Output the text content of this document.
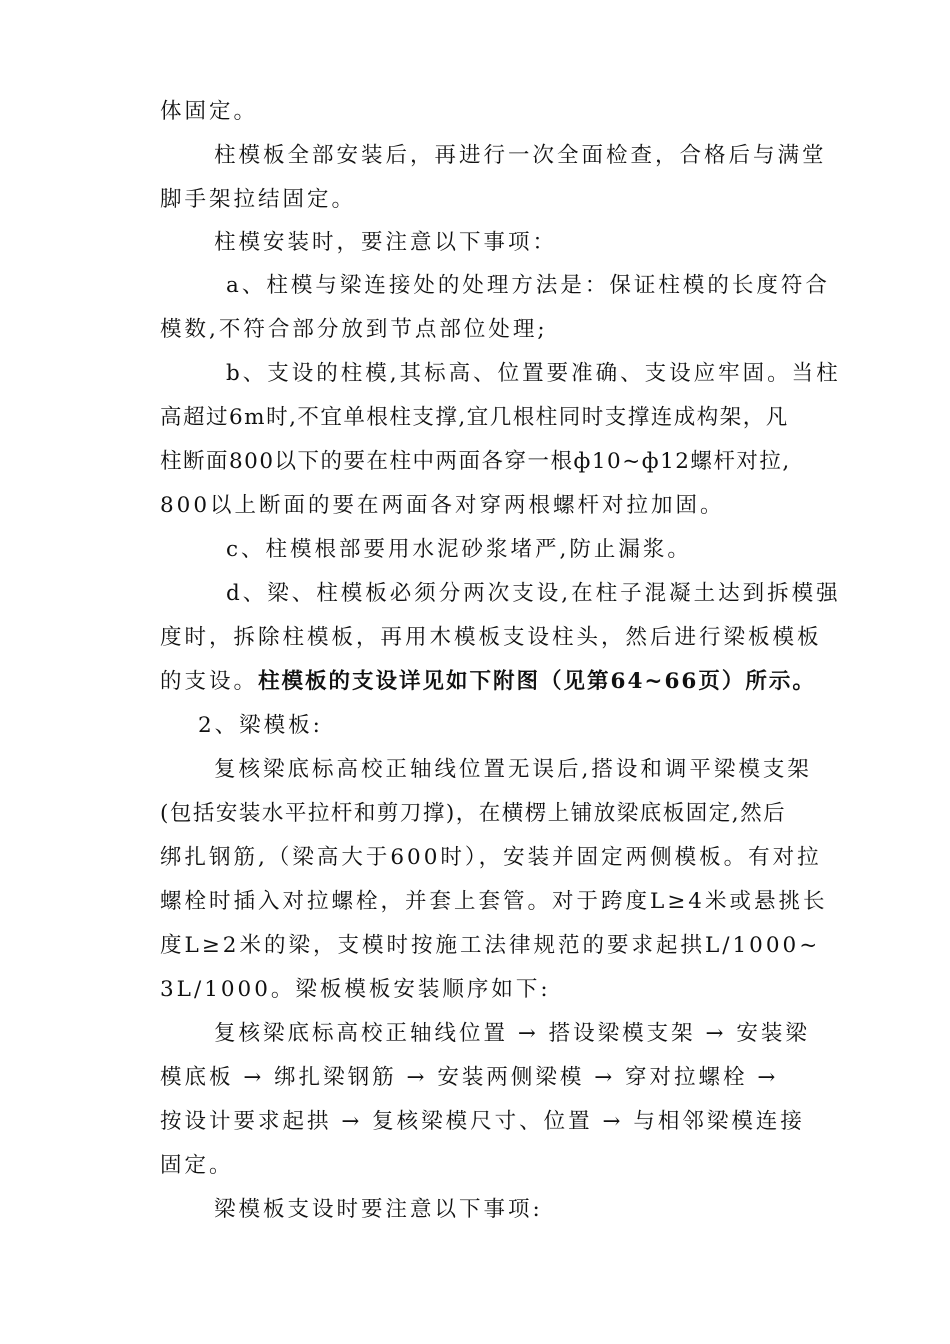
体固定。
柱模板全部安装后，再进行一次全面检查，合格后与满堂
脚手架拉结固定。
柱模安装时，要注意以下事项：
a、柱模与梁连接处的处理方法是：保证柱模的长度符合
模数,不符合部分放到节点部位处理;
b、支设的柱模,其标高、位置要准确、支设应牢固。当柱
高超过6m时,不宜单根柱支撑,宜几根柱同时支撑连成构架，凡
柱断面800以下的要在柱中两面各穿一根ф10~ф12螺杆对拉,
800以上断面的要在两面各对穿两根螺杆对拉加固。
c、柱模根部要用水泥砂浆堵严,防止漏浆。
d、梁、柱模板必须分两次支设,在柱子混凝土达到拆模强
度时，拆除柱模板，再用木模板支设柱头，然后进行梁板模板
的支设。柱模板的支设详见如下附图（见第64~66页）所示。
2、梁模板:
复核梁底标高校正轴线位置无误后,搭设和调平梁模支架
(包括安装水平拉杆和剪刀撑)，在横楞上铺放梁底板固定,然后
绑扎钢筋,（梁高大于600时），安装并固定两侧模板。有对拉
螺栓时插入对拉螺栓，并套上套管。对于跨度L≥4米或悬挑长
度L≥2米的梁，支模时按施工法律规范的要求起拱L/1000~
3L/1000。梁板模板安装顺序如下:
复核梁底标高校正轴线位置 → 搭设梁模支架 → 安装梁
模底板 → 绑扎梁钢筋 → 安装两侧梁模 → 穿对拉螺栓 →
按设计要求起拱 → 复核梁模尺寸、位置 → 与相邻梁模连接
固定。
梁模板支设时要注意以下事项:
